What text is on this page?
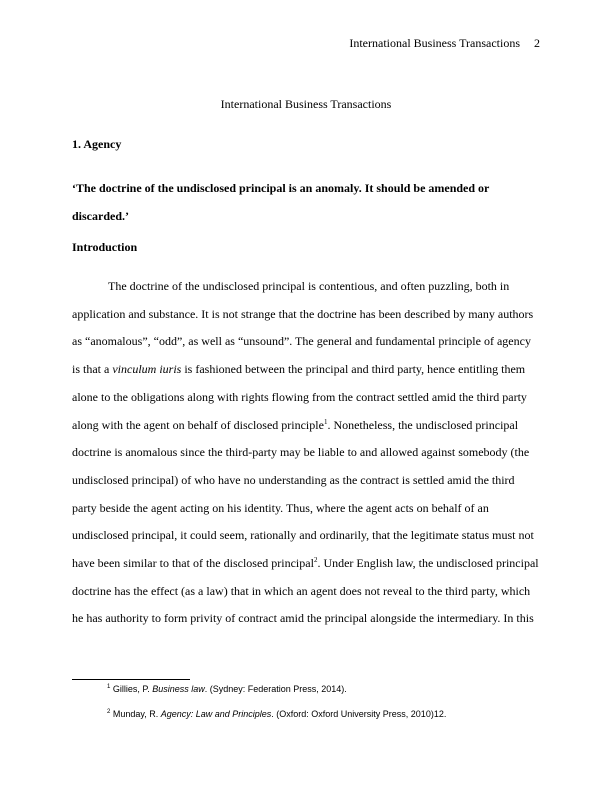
International Business Transactions 2
International Business Transactions
1. Agency

‘The doctrine of the undisclosed principal is an anomaly. It should be amended or
discarded.’

Introduction

The doctrine of the undisclosed principal is contentious, and often puzzling, both in
application and substance. It is not strange that the doctrine has been described by many authors
as “anomalous”, “odd”, as well as “unsound”. The general and fundamental principle of agency
is that a vinculum iuris is fashioned between the principal and third party, hence entitling them
alone to the obligations along with rights flowing from the contract settled amid the third party
along with the agent on behalf of disclosed principle$^1$. Nonetheless, the undisclosed principal
doctrine is anomalous since the third-party may be liable to and allowed against somebody (the
undisclosed principal) of who have no understanding as the contract is settled amid the third
party beside the agent acting on his identity. Thus, where the agent acts on behalf of an
undisclosed principal, it could seem, rationally and ordinarily, that the legitimate status must not
have been similar to that of the disclosed principal$^2$. Under English law, the undisclosed principal
doctrine has the effect (as a law) that in which an agent does not reveal to the third party, which
he has authority to form privity of contract amid the principal alongside the intermediary. In this

$^1$ Gillies, P. Business law. (Sydney: Federation Press, 2014).
$^2$ Munday, R. Agency: Law and Principles. (Oxford: Oxford University Press, 2010)12.
